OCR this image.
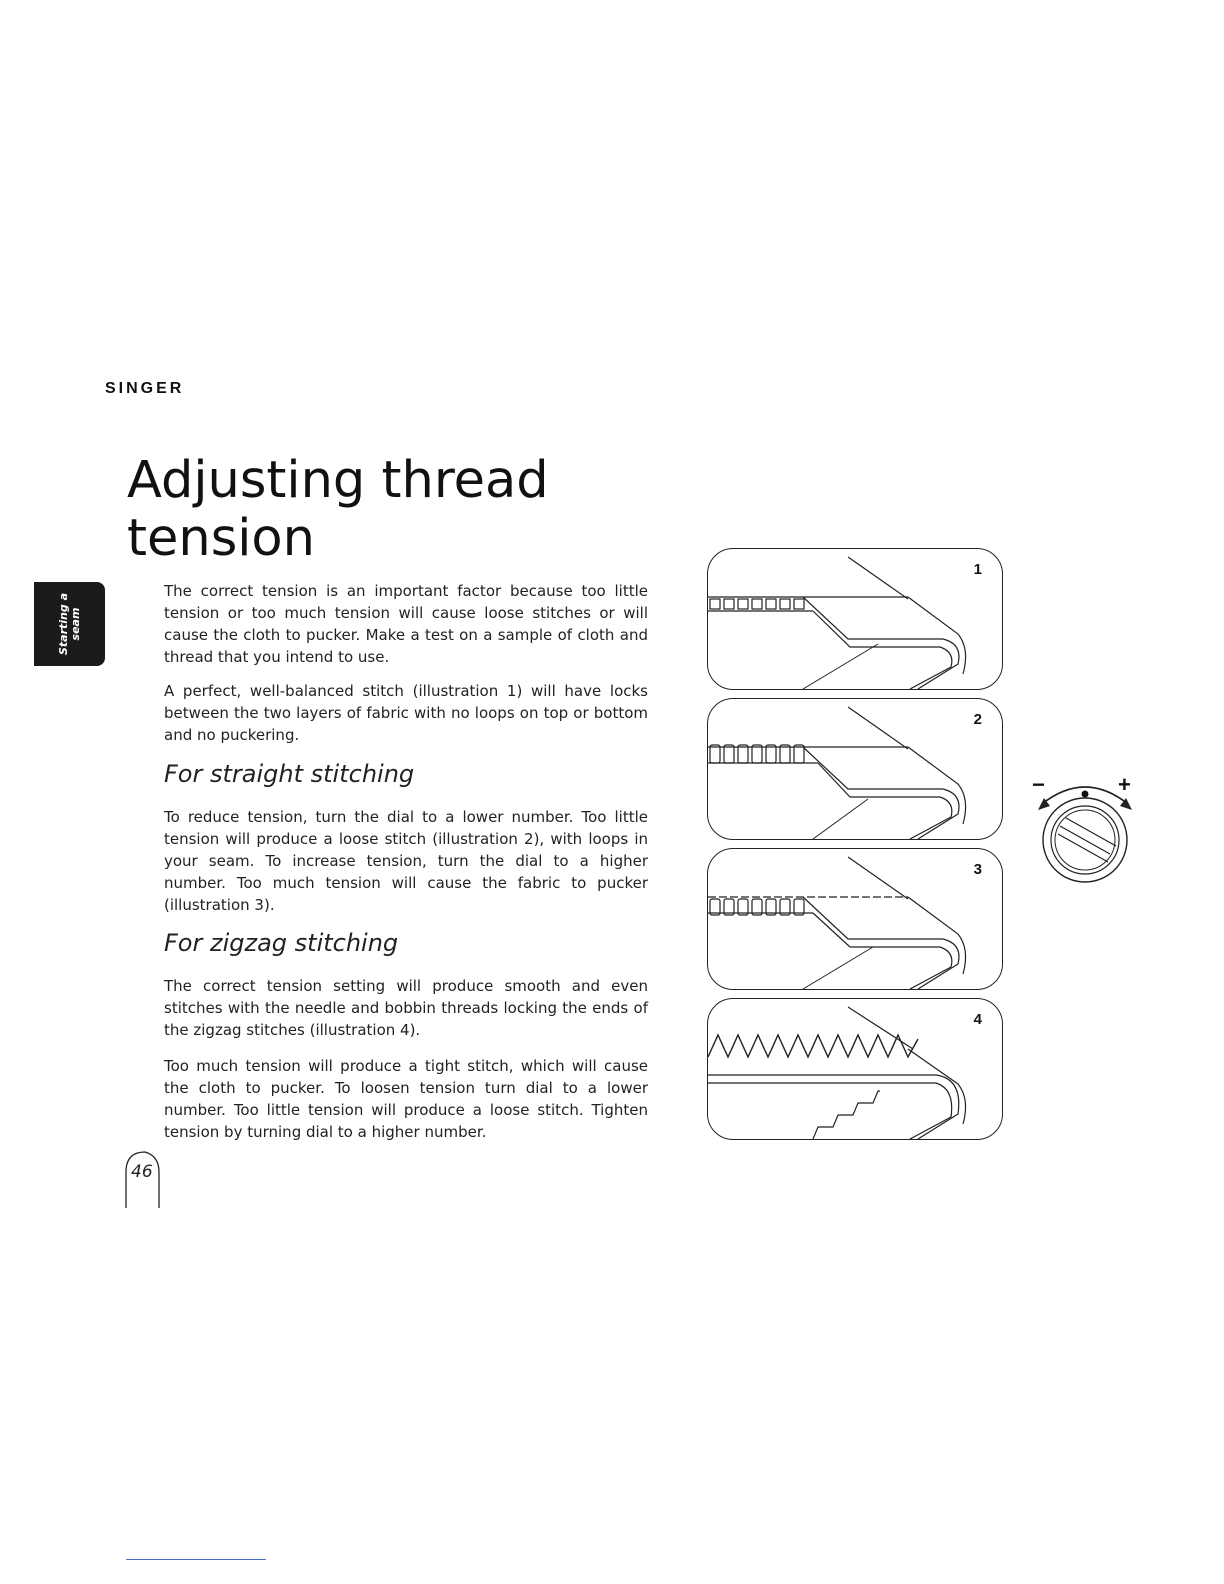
SINGER
Adjusting thread tension
Starting a seam

The correct tension is an important factor because too little tension or too much tension will cause loose stitches or will cause the cloth to pucker. Make a test on a sample of cloth and thread that you intend to use.

A perfect, well-balanced stitch (illustration 1) will have locks between the two layers of fabric with no loops on top or bottom and no puckering.

For straight stitching

To reduce tension, turn the dial to a lower number. Too little tension will produce a loose stitch (illustration 2), with loops in your seam. To increase tension, turn the dial to a higher number. Too much tension will cause the fabric to pucker (illustration 3).

For zigzag stitching

The correct tension setting will produce smooth and even stitches with the needle and bobbin threads locking the ends of the zigzag stitches (illustration 4).

Too much tension will produce a tight stitch, which will cause the cloth to pucker. To loosen tension turn dial to a lower number. Too little tension will produce a loose stitch. Tighten tension by turning dial to a higher number.

1
2
3
4
−	+
46
